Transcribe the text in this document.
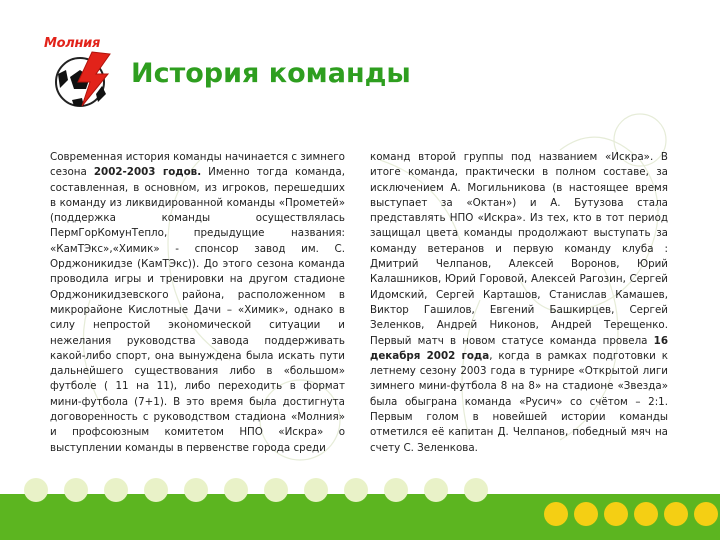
Молния
История команды
Современная история команды начинается с зимнего сезона 2002-2003 годов. Именно тогда команда, составленная, в основном, из игроков, перешедших в команду из ликвидированной команды «Прометей» (поддержка команды осуществлялась ПермГорКомунТепло, предыдущие названия: «КамТЭкс»,«Химик» - спонсор завод им. С. Орджоникидзе (КамТЭкс)). До этого сезона команда проводила игры и тренировки на другом стадионе Орджоникидзевского района, расположенном в микрорайоне Кислотные Дачи – «Химик», однако в силу непростой экономической ситуации и нежелания руководства завода поддерживать какой-либо спорт, она вынуждена была искать пути дальнейшего существования либо в «большом» футболе ( 11 на 11), либо переходить в формат мини-футбола (7+1). В это время была достигнута договоренность с руководством стадиона «Молния» и профсоюзным комитетом НПО «Искра» о выступлении команды в первенстве города среди
команд второй группы под названием «Искра». В итоге команда, практически в полном составе, за исключением А. Могильникова (в настоящее время выступает за «Октан») и А. Бутузова стала представлять НПО «Искра». Из тех, кто в тот период защищал цвета команды продолжают выступать за команду ветеранов и первую команду клуба : Дмитрий Челпанов, Алексей Воронов, Юрий Калашников, Юрий Горовой, Алексей Рагозин, Сергей Идомский, Сергей Карташов, Станислав Камашев, Виктор Гашилов, Евгений Башкирцев, Сергей Зеленков, Андрей Никонов, Андрей Терещенко. Первый матч в новом статусе команда провела 16 декабря 2002 года, когда в рамках подготовки к летнему сезону 2003 года в турнире «Открытой лиги зимнего мини-футбола 8 на 8» на стадионе «Звезда» была обыграна команда «Русич» со счётом – 2:1. Первым голом в новейшей истории команды отметился её капитан Д. Челпанов, победный мяч на счету С. Зеленкова.
